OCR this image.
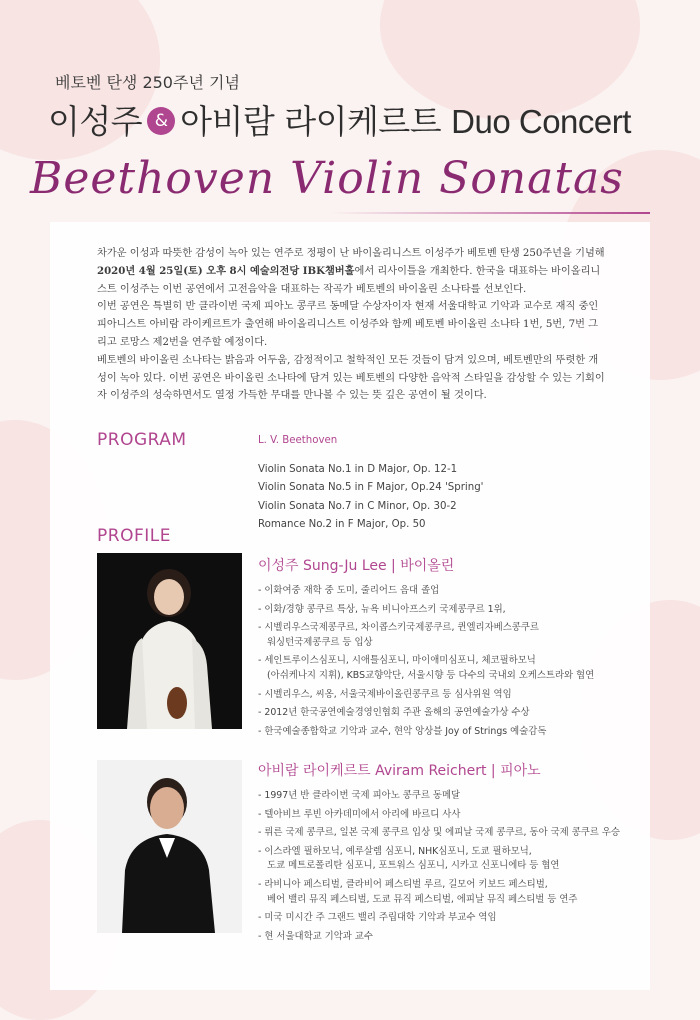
베토벤 탄생 250주년 기념
이성주 & 아비람 라이케르트 Duo Concert
Beethoven Violin Sonatas

차가운 이성과 따뜻한 감성이 녹아 있는 연주로 정평이 난 바이올리니스트 이성주가 베토벤 탄생 250주년을 기념해 2020년 4월 25일(토) 오후 8시 예술의전당 IBK챔버홀에서 리사이틀을 개최한다. 한국을 대표하는 바이올리니스트 이성주는 이번 공연에서 고전음악을 대표하는 작곡가 베토벤의 바이올린 소나타를 선보인다.

이번 공연은 특별히 반 클라이번 국제 피아노 콩쿠르 동메달 수상자이자 현재 서울대학교 기악과 교수로 재직 중인 피아니스트 아비람 라이케르트가 출연해 바이올리니스트 이성주와 함께 베토벤 바이올린 소나타 1번, 5번, 7번 그리고 로망스 제2번을 연주할 예정이다.

베토벤의 바이올린 소나타는 밝음과 어두움, 감정적이고 철학적인 모든 것들이 담겨 있으며, 베토벤만의 뚜렷한 개성이 녹아 있다. 이번 공연은 바이올린 소나타에 담겨 있는 베토벤의 다양한 음악적 스타일을 감상할 수 있는 기회이자 이성주의 성숙하면서도 열정 가득한 무대를 만나볼 수 있는 뜻 깊은 공연이 될 것이다.

PROGRAM	L. V. Beethoven
Violin Sonata No.1 in D Major, Op. 12-1
Violin Sonata No.5 in F Major, Op.24 'Spring'
Violin Sonata No.7 in C Minor, Op. 30-2
Romance No.2 in F Major, Op. 50
PROFILE
이성주 Sung-Ju Lee | 바이올린
- 이화여중 재학 중 도미, 줄리어드 음대 졸업
- 이화/경향 콩쿠르 특상, 뉴욕 비니아프스키 국제콩쿠르 1위,
- 시벨리우스국제콩쿠르, 차이콥스키국제콩쿠르, 퀸엘리자베스콩쿠르
워싱턴국제콩쿠르 등 입상
- 세인트루이스심포니, 시애틀심포니, 마이애미심포니, 체코필하모닉
(아쉬케나지 지휘), KBS교향악단, 서울시향 등 다수의 국내외 오케스트라와 협연
- 시벨리우스, 씨옹, 서울국제바이올린콩쿠르 등 심사위원 역임
- 2012년 한국공연예술경영인협회 주관 올해의 공연예술가상 수상
- 한국예술종합학교 기악과 교수, 현악 앙상블 Joy of Strings 예술감독
아비람 라이케르트 Aviram Reichert | 피아노
- 1997년 반 클라이번 국제 피아노 콩쿠르 동메달
- 텔아비브 루빈 아카데미에서 아리에 바르디 사사
- 뤼른 국제 콩쿠르, 일본 국제 콩쿠르 입상 및 에피날 국제 콩쿠르, 동아 국제 콩쿠르 우승
- 이스라엘 필하모닉, 예루살렘 심포니, NHK심포니, 도쿄 필하모닉,
도쿄 메트로폴리탄 심포니, 포트워스 심포니, 시카고 신포니에타 등 협연
- 라비니아 페스티벌, 클라비어 페스티벌 루르, 길모어 키보드 페스티벌,
베어 밸리 뮤직 페스티벌, 도쿄 뮤직 페스티벌, 에피날 뮤직 페스티벌 등 연주
- 미국 미시간 주 그랜드 밸리 주립대학 기악과 부교수 역임
- 현 서울대학교 기악과 교수
